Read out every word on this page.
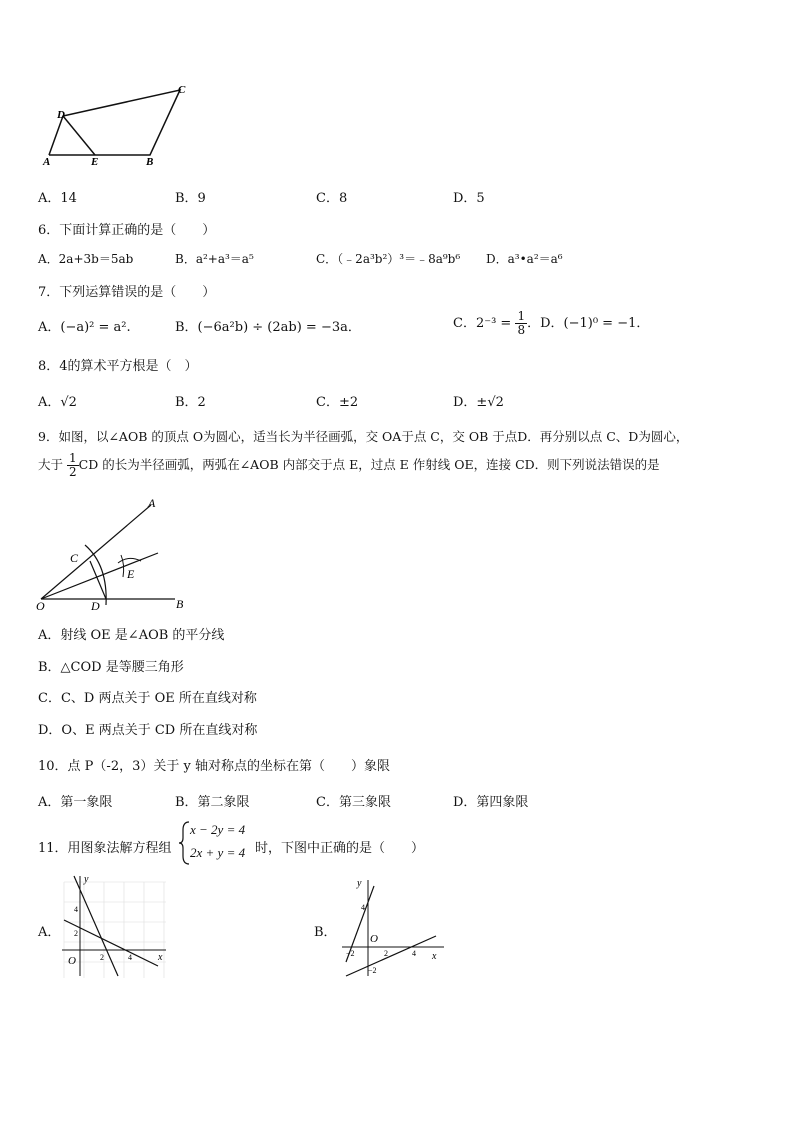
D
C
A	E	B
A．14	B．9	C．8	D．5
6．下面计算正确的是（　　）
A．2a+3b＝5ab	B．a²+a³＝a⁵	C．（﹣2a³b²）³＝﹣8a⁹b⁶ D．a³•a²＝a⁶
7．下列运算错误的是（　　）
A．(−a)² = a².	B．(−6a²b) ÷ (2ab) = −3a．	C．$2^{-3} = \frac{1}{8}$ ．D．(−1)⁰ = −1．
8．4的算术平方根是（　）
A．√2	B．2	C．±2	D．±√2
9．如图，以∠AOB 的顶点 O为圆心，适当长为半径画弧，交 OA于点 C，交 OB 于点D．再分别以点 C、D为圆心，
大于 $\frac{1}{2}$ CD 的长为半径画弧，两弧在∠AOB 内部交于点 E，过点 E 作射线 OE，连接 CD．则下列说法错误的是
C
E
A
O	D	B
A．射线 OE 是∠AOB 的平分线
B．△COD 是等腰三角形
C．C、D 两点关于 OE 所在直线对称
D．O、E 两点关于 CD 所在直线对称
10．点 P（-2，3）关于 y 轴对称点的坐标在第（　　）象限
A．第一象限	B．第二象限	C．第三象限	D．第四象限
11．用图象法解方程组
x − 2y = 4
2x + y = 4 时，下图中正确的是（　　）
A．	B．
y
x
O
2
4
2	4
y
x
O
4
−2
−2	2	4
